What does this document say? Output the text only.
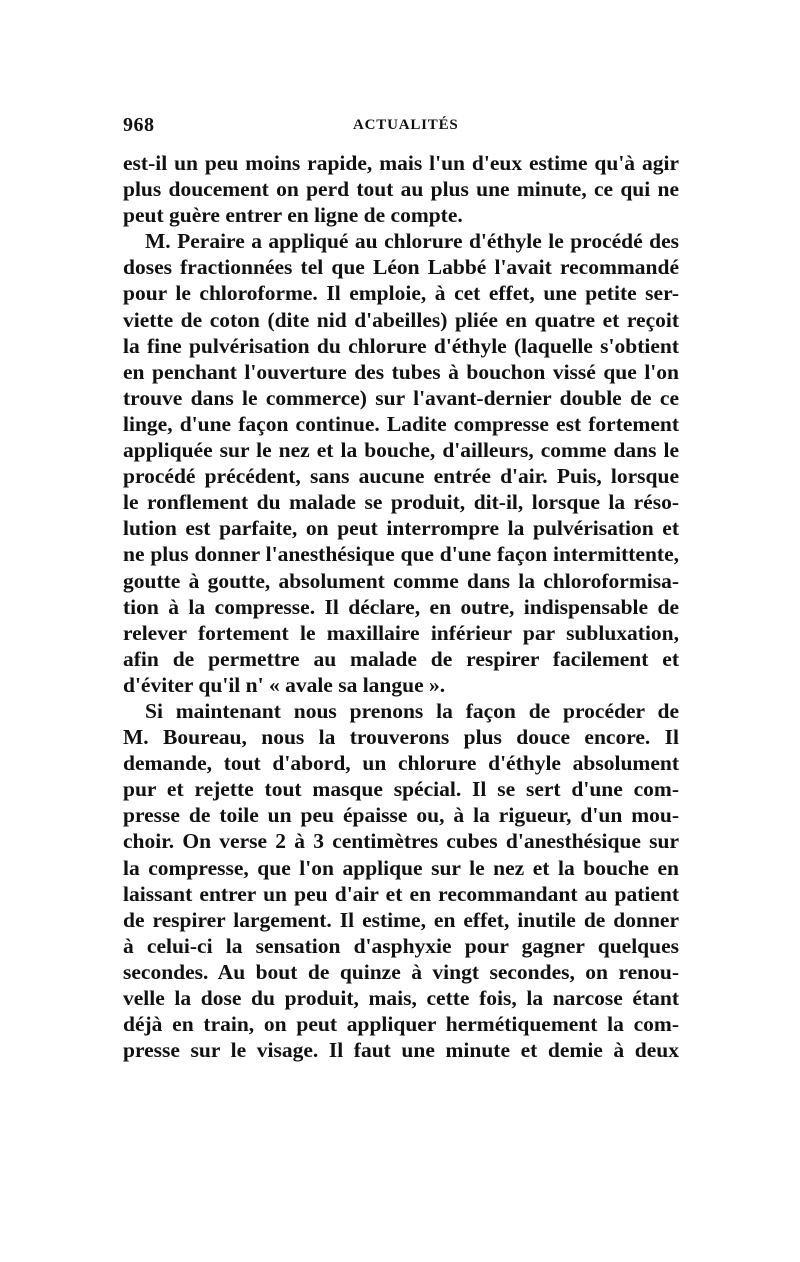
968	ACTUALITÉS
est-il un peu moins rapide, mais l'un d'eux estime qu'à agir
plus doucement on perd tout au plus une minute, ce qui ne
peut guère entrer en ligne de compte.
M. Peraire a appliqué au chlorure d'éthyle le procédé des
doses fractionnées tel que Léon Labbé l'avait recommandé
pour le chloroforme. Il emploie, à cet effet, une petite ser-
viette de coton (dite nid d'abeilles) pliée en quatre et reçoit
la fine pulvérisation du chlorure d'éthyle (laquelle s'obtient
en penchant l'ouverture des tubes à bouchon vissé que l'on
trouve dans le commerce) sur l'avant-dernier double de ce
linge, d'une façon continue. Ladite compresse est fortement
appliquée sur le nez et la bouche, d'ailleurs, comme dans le
procédé précédent, sans aucune entrée d'air. Puis, lorsque
le ronflement du malade se produit, dit-il, lorsque la réso-
lution est parfaite, on peut interrompre la pulvérisation et
ne plus donner l'anesthésique que d'une façon intermittente,
goutte à goutte, absolument comme dans la chloroformisa-
tion à la compresse. Il déclare, en outre, indispensable de
relever fortement le maxillaire inférieur par subluxation,
afin de permettre au malade de respirer facilement et
d'éviter qu'il n' « avale sa langue ».
Si maintenant nous prenons la façon de procéder de
M. Boureau, nous la trouverons plus douce encore. Il
demande, tout d'abord, un chlorure d'éthyle absolument
pur et rejette tout masque spécial. Il se sert d'une com-
presse de toile un peu épaisse ou, à la rigueur, d'un mou-
choir. On verse 2 à 3 centimètres cubes d'anesthésique sur
la compresse, que l'on applique sur le nez et la bouche en
laissant entrer un peu d'air et en recommandant au patient
de respirer largement. Il estime, en effet, inutile de donner
à celui-ci la sensation d'asphyxie pour gagner quelques
secondes. Au bout de quinze à vingt secondes, on renou-
velle la dose du produit, mais, cette fois, la narcose étant
déjà en train, on peut appliquer hermétiquement la com-
presse sur le visage. Il faut une minute et demie à deux
